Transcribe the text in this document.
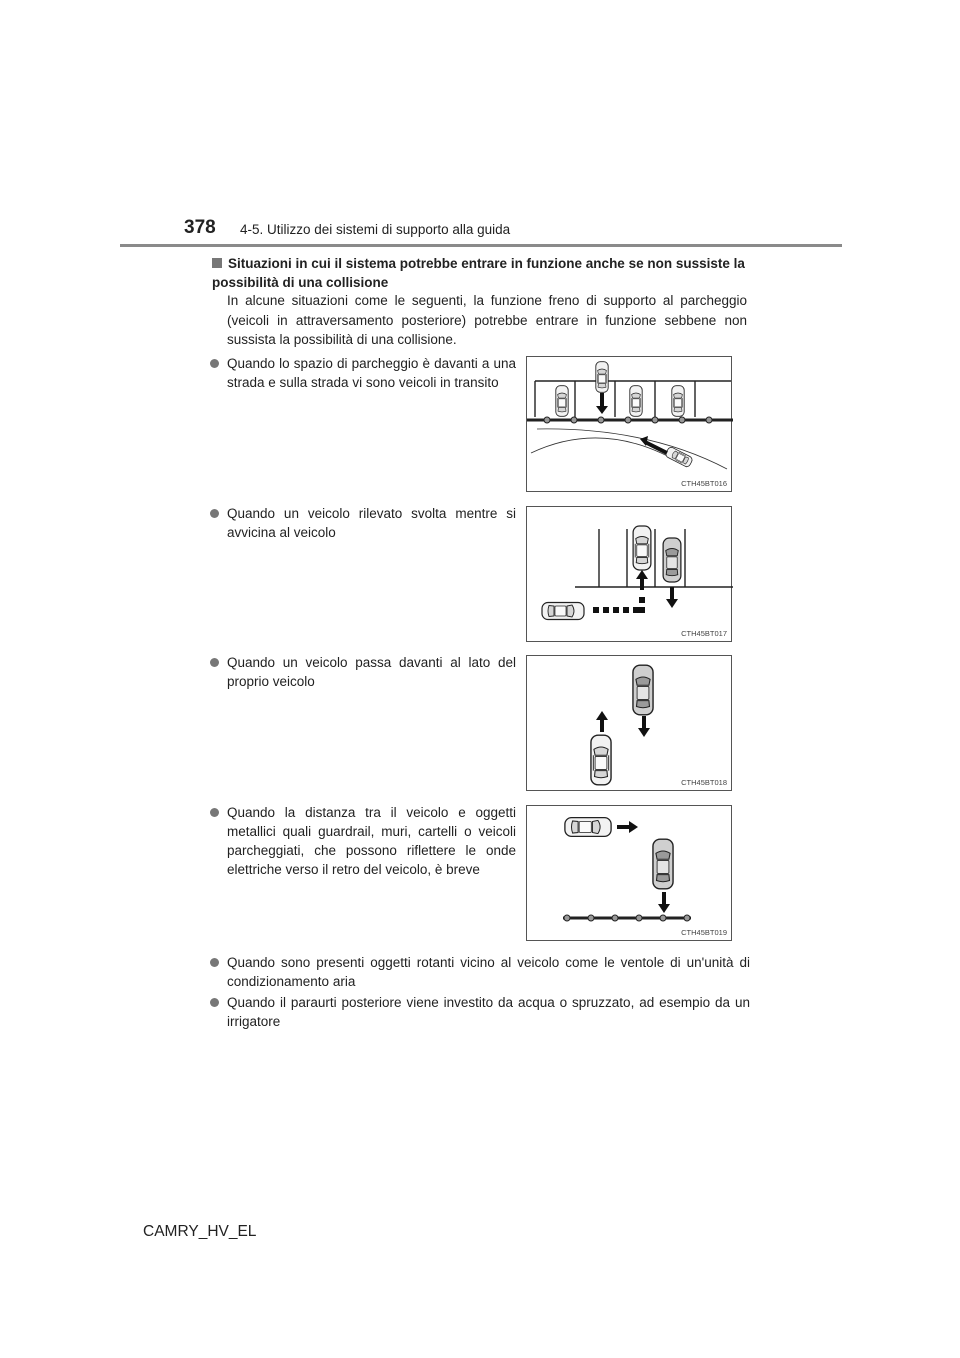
378 4-5. Utilizzo dei sistemi di supporto alla guida
Situazioni in cui il sistema potrebbe entrare in funzione anche se non sussiste la possibilità di una collisione
In alcune situazioni come le seguenti, la funzione freno di supporto al parcheggio (veicoli in attraversamento posteriore) potrebbe entrare in funzione sebbene non sussista la possibilità di una collisione.
Quando lo spazio di parcheggio è davanti a una strada e sulla strada vi sono veicoli in transito
Quando un veicolo rilevato svolta mentre si avvicina al veicolo
Quando un veicolo passa davanti al lato del proprio veicolo
Quando la distanza tra il veicolo e oggetti metallici quali guardrail, muri, cartelli o veicoli parcheggiati, che possono riflettere le onde elettriche verso il retro del veicolo, è breve
Quando sono presenti oggetti rotanti vicino al veicolo come le ventole di un'unità di condizionamento aria
Quando il paraurti posteriore viene investito da acqua o spruzzato, ad esempio da un irrigatore
CTH45BT016
CTH45BT017
CTH45BT018
CTH45BT019
CAMRY_HV_EL
